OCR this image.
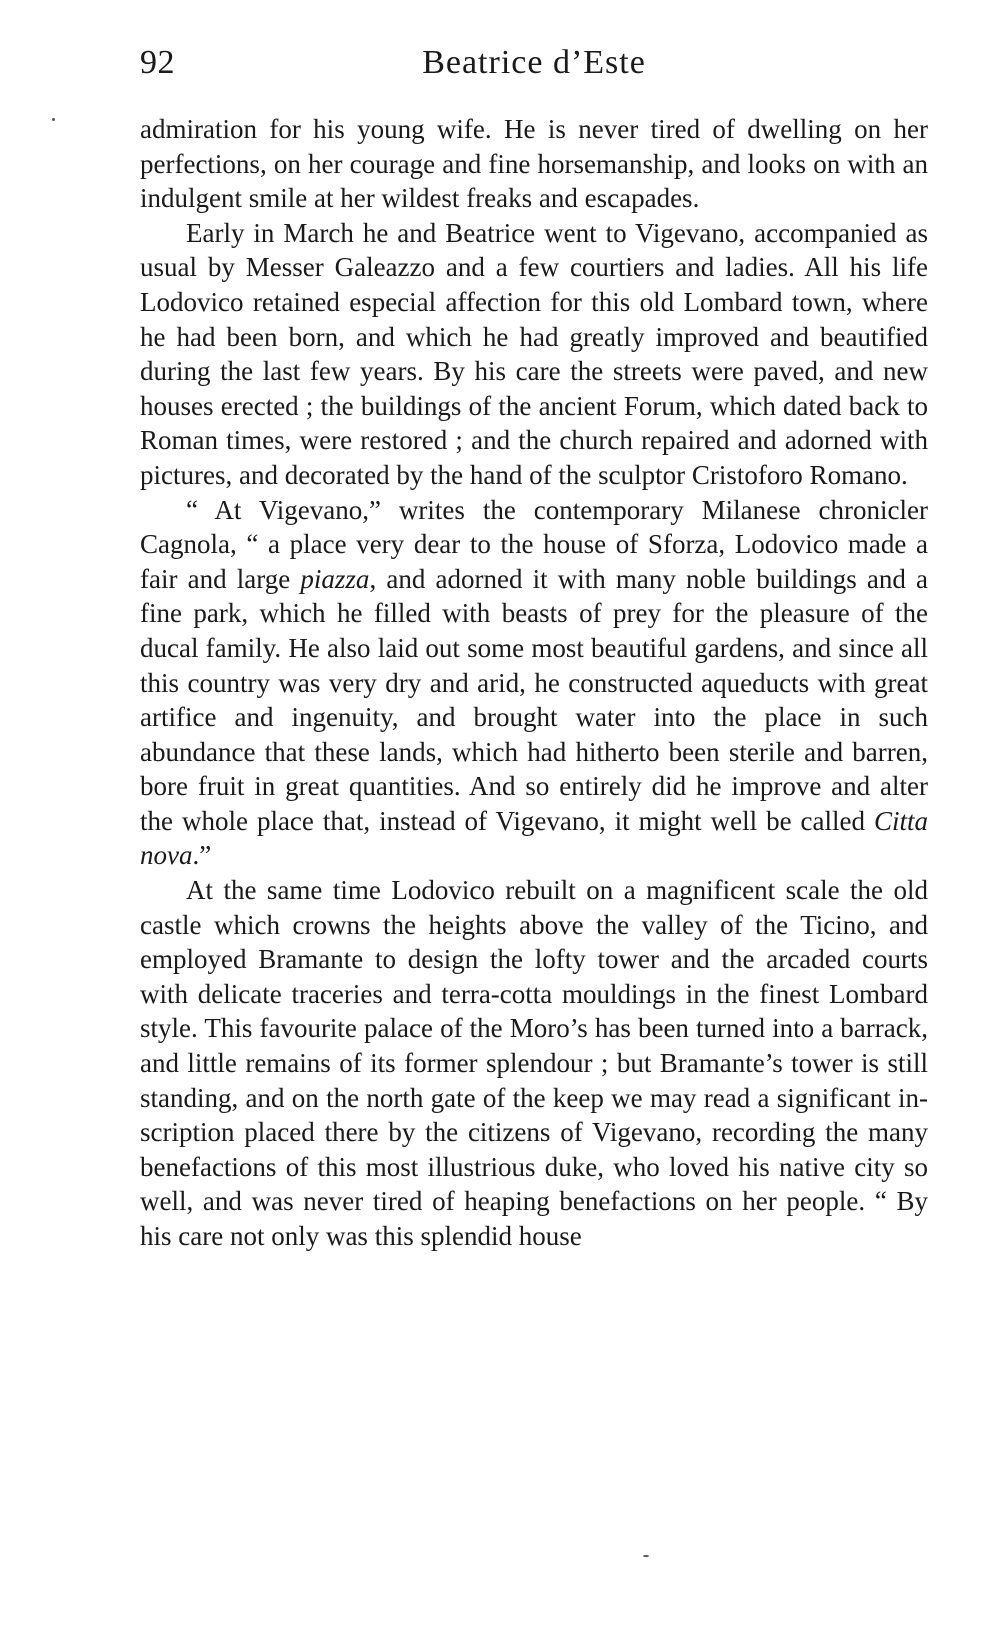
92	Beatrice d’Este

admiration for his young wife. He is never tired of dwelling on her perfections, on her courage and fine horsemanship, and looks on with an indulgent smile at her wildest freaks and escapades.

Early in March he and Beatrice went to Vigevano, accompanied as usual by Messer Galeazzo and a few courtiers and ladies. All his life Lodovico retained especial affection for this old Lombard town, where he had been born, and which he had greatly improved and beautified during the last few years. By his care the streets were paved, and new houses erected ; the buildings of the ancient Forum, which dated back to Roman times, were restored ; and the church repaired and adorned with pictures, and decorated by the hand of the sculptor Cristoforo Romano.

“ At Vigevano,” writes the contemporary Milanese chronicler Cagnola, “ a place very dear to the house of Sforza, Lodovico made a fair and large piazza, and adorned it with many noble buildings and a fine park, which he filled with beasts of prey for the pleasure of the ducal family. He also laid out some most beautiful gardens, and since all this country was very dry and arid, he constructed aqueducts with great artifice and ingenuity, and brought water into the place in such abundance that these lands, which had hitherto been sterile and barren, bore fruit in great quantities. And so entirely did he improve and alter the whole place that, instead of Vigevano, it might well be called Citta nova.”

At the same time Lodovico rebuilt on a magnificent scale the old castle which crowns the heights above the valley of the Ticino, and employed Bramante to design the lofty tower and the arcaded courts with delicate traceries and terra-cotta mouldings in the finest Lombard style. This favourite palace of the Moro’s has been turned into a barrack, and little remains of its former splendour ; but Bramante’s tower is still standing, and on the north gate of the keep we may read a significant inscription placed there by the citizens of Vigevano, recording the many benefactions of this most illustrious duke, who loved his native city so well, and was never tired of heaping benefactions on her people. “ By his care not only was this splendid house
